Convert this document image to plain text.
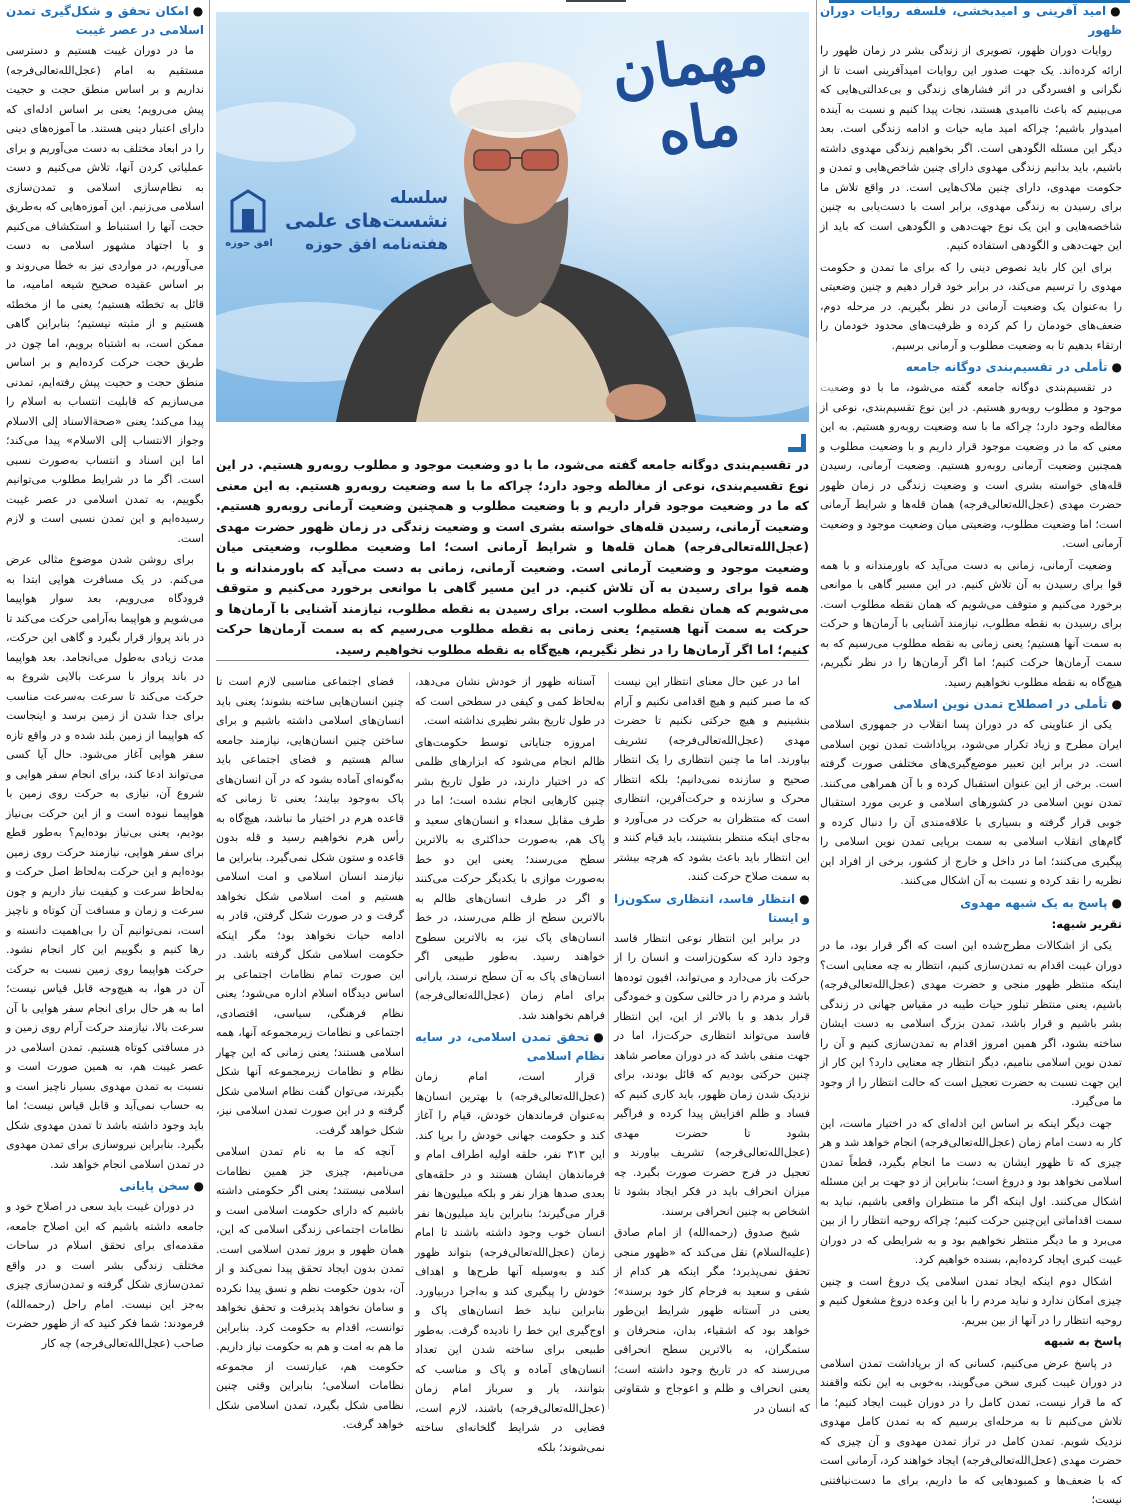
●امید آفرینی و امیدبخشی، فلسفه روایات دوران ظهور

روایات دوران ظهور، تصویری از زندگی بشر در زمان ظهور را ارائه کرده‌اند. یک جهت صدور این روایات امیدآفرینی است تا از نگرانی و افسردگی در اثر فشارهای زندگی و بی‌عدالتی‌هایی که می‌بینیم که باعث ناامیدی هستند، نجات پیدا کنیم و نسبت به آینده امیدوار باشیم؛ چراکه امید مایه حیات و ادامه زندگی است. بعد دیگر این مسئله الگودهی است. اگر بخواهیم زندگی مهدوی داشته باشیم، باید بدانیم زندگی مهدوی دارای چنین شاخص‌هایی و تمدن و حکومت مهدوی، دارای چنین ملاک‌هایی است. در واقع تلاش ما برای رسیدن به زندگی مهدوی، برابر است با دست‌یابی به چنین شاخصه‌هایی و این یک نوع جهت‌دهی و الگودهی است که باید از این جهت‌دهی و الگودهی استفاده کنیم.

برای این کار باید نصوص دینی را که برای ما تمدن و حکومت مهدوی را ترسیم می‌کند، در برابر خود قرار دهیم و چنین وضعیتی را به‌عنوان یک وضعیت آرمانی در نظر بگیریم. در مرحله دوم، ضعف‌های خودمان را کم کرده و ظرفیت‌های محدود خودمان را ارتقاء بدهیم تا به وضعیت مطلوب و آرمانی برسیم.

●تأملی در تقسیم‌بندی دوگانه جامعه

در تقسیم‌بندی دوگانه جامعه گفته می‌شود، ما با دو وضعیت موجود و مطلوب روبه‌رو هستیم. در این نوع تقسیم‌بندی، نوعی از مغالطه وجود دارد؛ چراکه ما با سه وضعیت روبه‌رو هستیم. به این معنی که ما در وضعیت موجود قرار داریم و با وضعیت مطلوب و همچنین وضعیت آرمانی روبه‌رو هستیم. وضعیت آرمانی، رسیدن قله‌های خواسته بشری است و وضعیت زندگی در زمان ظهور حضرت مهدی (عجل‌الله‌تعالی‌فرجه) همان قله‌ها و شرایط آرمانی است؛ اما وضعیت مطلوب، وضعیتی میان وضعیت موجود و وضعیت آرمانی است.

وضعیت آرمانی، زمانی به دست می‌آید که باورمندانه و با همه قوا برای رسیدن به آن تلاش کنیم. در این مسیر گاهی با موانعی برخورد می‌کنیم و متوقف می‌شویم که همان نقطه مطلوب است. برای رسیدن به نقطه مطلوب، نیازمند آشنایی با آرمان‌ها و حرکت به سمت آنها هستیم؛ یعنی زمانی به نقطه مطلوب می‌رسیم که به سمت آرمان‌ها حرکت کنیم؛ اما اگر آرمان‌ها را در نظر نگیریم، هیچ‌گاه به نقطه مطلوب نخواهیم رسید.

●تأملی در اصطلاح تمدن نوین اسلامی

یکی از عناوینی که در دوران پسا انقلاب در جمهوری اسلامی ایران مطرح و زیاد تکرار می‌شود، برپاداشت تمدن نوین اسلامی است. در برابر این تعبیر موضع‌گیری‌های مختلفی صورت گرفته است. برخی از این عنوان استقبال کرده و با آن همراهی می‌کنند. تمدن نوین اسلامی در کشورهای اسلامی و عربی مورد استقبال خوبی قرار گرفته و بسیاری با علاقه‌مندی آن را دنبال کرده و گام‌های انقلاب اسلامی به سمت برپایی تمدن نوین اسلامی را پیگیری می‌کنند؛ اما در داخل و خارج از کشور، برخی از افراد این نظریه را نقد کرده و نسبت به آن اشکال می‌کنند.

●پاسخ به یک شبهه مهدوی
تقریر شبهه:

یکی از اشکالات مطرح‌شده این است که اگر قرار بود، ما در دوران غیبت اقدام به تمدن‌سازی کنیم، انتظار به چه معنایی است؟ اینکه منتظر ظهور منجی و حضرت مهدی (عجل‌الله‌تعالی‌فرجه) باشیم، یعنی منتظر تبلور حیات طیبه در مقیاس جهانی در زندگی بشر باشیم و قرار باشد، تمدن بزرگ اسلامی به دست ایشان ساخته بشود، اگر همین امروز اقدام به تمدن‌سازی کنیم و آن را تمدن نوین اسلامی بنامیم، دیگر انتظار چه معنایی دارد؟ این کار از این جهت نسبت به حضرت تعجیل است که حالت انتظار را از وجود ما می‌گیرد.

جهت دیگر اینکه بر اساس این ادله‌ای که در اختیار ماست، این کار به دست امام زمان (عجل‌الله‌تعالی‌فرجه) انجام خواهد شد و هر چیزی که تا ظهور ایشان به دست ما انجام بگیرد، قطعاً تمدن اسلامی نخواهد بود و دروغ است؛ بنابراین از دو جهت بر این مسئله اشکال می‌کنند. اول اینکه اگر ما منتظران واقعی باشیم، نباید به سمت اقداماتی این‌چنین حرکت کنیم؛ چراکه روحیه انتظار را از بین می‌برد و ما دیگر منتظر نخواهیم بود و به شرایطی که در دوران غیبت کبری ایجاد کرده‌ایم، بسنده خواهیم کرد.

اشکال دوم اینکه ایجاد تمدن اسلامی یک دروغ است و چنین چیزی امکان ندارد و نباید مردم را با این وعده دروغ مشغول کنیم و روحیه انتظار را در آنها از بین ببریم.

پاسخ به شبهه

در پاسخ عرض می‌کنیم، کسانی که از برپاداشت تمدن اسلامی در دوران غیبت کبری سخن می‌گویند، به‌خوبی به این نکته واقفند که ما قرار نیست، تمدن کامل را در دوران غیبت ایجاد کنیم؛ ما تلاش می‌کنیم تا به مرحله‌ای برسیم که به تمدن کامل مهدوی نزدیک شویم. تمدن کامل در تراز تمدن مهدوی و آن چیزی که حضرت مهدی (عجل‌الله‌تعالی‌فرجه) ایجاد خواهند کرد، آرمانی است که با ضعف‌ها و کمبودهایی که ما داریم، برای ما دست‌نیافتنی نیست؛

مهمان ماه
افق حوزه
سلسله
نشست‌های علمی
هفته‌نامه افق حوزه

در تقسیم‌بندی دوگانه جامعه گفته می‌شود، ما با دو وضعیت موجود و مطلوب روبه‌رو هستیم. در این نوع تقسیم‌بندی، نوعی از مغالطه وجود دارد؛ چراکه ما با سه وضعیت روبه‌رو هستیم. به این معنی که ما در وضعیت موجود قرار داریم و با وضعیت مطلوب و همچنین وضعیت آرمانی روبه‌رو هستیم. وضعیت آرمانی، رسیدن قله‌های خواسته بشری است و وضعیت زندگی در زمان ظهور حضرت مهدی (عجل‌الله‌تعالی‌فرجه) همان قله‌ها و شرایط آرمانی است؛ اما وضعیت مطلوب، وضعیتی میان وضعیت موجود و وضعیت آرمانی است. وضعیت آرمانی، زمانی به دست می‌آید که باورمندانه و با همه قوا برای رسیدن به آن تلاش کنیم. در این مسیر گاهی با موانعی برخورد می‌کنیم و متوقف می‌شویم که همان نقطه مطلوب است. برای رسیدن به نقطه مطلوب، نیازمند آشنایی با آرمان‌ها و حرکت به سمت آنها هستیم؛ یعنی زمانی به نقطه مطلوب می‌رسیم که به سمت آرمان‌ها حرکت کنیم؛ اما اگر آرمان‌ها را در نظر نگیریم، هیچ‌گاه به نقطه مطلوب نخواهیم رسید.

اما در عین حال معنای انتظار این نیست که ما صبر کنیم و هیچ اقدامی نکنیم و آرام بنشینیم و هیچ حرکتی نکنیم تا حضرت مهدی (عجل‌الله‌تعالی‌فرجه) تشریف بیاورند. اما ما چنین انتظاری را یک انتظار صحیح و سازنده نمی‌دانیم؛ بلکه انتظار محرک و سازنده و حرکت‌آفرین، انتظاری است که منتظران به حرکت در می‌آورد و به‌جای اینکه منتظر بنشینند، باید قیام کنند و این انتظار باید باعث بشود که هرچه بیشتر به سمت صلاح حرکت کنند.

●انتظار فاسد، انتظاری سکون‌زا و ایستا

در برابر این انتظار نوعی انتظار فاسد وجود دارد که سکون‌زاست و انسان را از حرکت باز می‌دارد و می‌تواند، افیون توده‌ها باشد و مردم را در حالتی سکون و خمودگی قرار بدهد و با بالاتر از این، این انتظار فاسد می‌تواند انتظاری حرکت‌زا، اما در جهت منفی باشد که در دوران معاصر شاهد چنین حرکتی بودیم که قائل بودند، برای نزدیک شدن زمان ظهور، باید کاری کنیم که فساد و ظلم افزایش پیدا کرده و فراگیر بشود تا حضرت مهدی (عجل‌الله‌تعالی‌فرجه) تشریف بیاورند و تعجیل در فرج حضرت صورت بگیرد. چه میزان انحراف باید در فکر ایجاد بشود تا اشخاص به چنین انحرافی برسند.

شیخ صدوق (رحمه‌الله) از امام صادق (علیه‌السلام) نقل می‌کند که «ظهور منجی تحقق نمی‌پذیرد؛ مگر اینکه هر کدام از شقی و سعید به فرجام کار خود برسند»؛ یعنی در آستانه ظهور شرایط این‌طور خواهد بود که اشقیاء، بدان، منحرفان و ستمگران، به بالاترین سطح انحرافی می‌رسند که در تاریخ وجود داشته است؛ یعنی انحراف و ظلم و اعوجاج و شقاوتی که انسان در

آستانه ظهور از خودش نشان می‌دهد، به‌لحاظ کمی و کیفی در سطحی است که در طول تاریخ بشر نظیری نداشته است.

امروزه جنایاتی توسط حکومت‌های ظالم انجام می‌شود که ابزارهای ظلمی که در اختیار دارند، در طول تاریخ بشر چنین کارهایی انجام نشده است؛ اما در طرف مقابل سعداء و انسان‌های سعید و پاک هم، به‌صورت حداکثری به بالاترین سطح می‌رسند؛ یعنی این دو خط به‌صورت موازی با یکدیگر حرکت می‌کنند و اگر در طرف انسان‌های ظالم به بالاترین سطح از ظلم می‌رسند، در خط انسان‌های پاک نیز، به بالاترین سطوح خواهند رسید. به‌طور طبیعی اگر انسان‌های پاک به آن سطح نرسند، یارانی برای امام زمان (عجل‌الله‌تعالی‌فرجه) فراهم نخواهند شد.

●تحقق تمدن اسلامی، در سایه نظام اسلامی

قرار است، امام زمان (عجل‌الله‌تعالی‌فرجه) با بهترین انسان‌ها به‌عنوان فرماندهان خودش، قیام را آغاز کند و حکومت جهانی خودش را برپا کند. این ۳۱۳ نفر، حلقه اولیه اطراف امام و فرماندهان ایشان هستند و در حلقه‌های بعدی صدها هزار نفر و بلکه میلیون‌ها نفر قرار می‌گیرند؛ بنابراین باید میلیون‌ها نفر انسان خوب وجود داشته باشند تا امام زمان (عجل‌الله‌تعالی‌فرجه) بتواند ظهور کند و به‌وسیله آنها طرح‌ها و اهداف خودش را پیگیری کند و به‌اجرا دربیاورد. بنابراین نباید خط انسان‌های پاک و اوج‌گیری این خط را نادیده گرفت. به‌طور طبیعی برای ساخته شدن این تعداد انسان‌های آماده و پاک و مناسب که بتوانند، یار و سرباز امام زمان (عجل‌الله‌تعالی‌فرجه) باشند، لازم است، فضایی در شرایط گلخانه‌ای ساخته نمی‌شوند؛ بلکه

فضای اجتماعی مناسبی لازم است تا چنین انسان‌هایی ساخته بشوند؛ یعنی باید انسان‌های اسلامی داشته باشیم و برای ساختن چنین انسان‌هایی، نیازمند جامعه سالم هستیم و فضای اجتماعی باید به‌گونه‌ای آماده بشود که در آن انسان‌های پاک به‌وجود بیایند؛ یعنی تا زمانی که قاعده هرم در اختیار ما نباشد، هیچ‌گاه به رأس هرم نخواهیم رسید و قله بدون قاعده و ستون شکل نمی‌گیرد. بنابراین ما نیازمند انسان اسلامی و امت اسلامی هستیم و امت اسلامی شکل نخواهد گرفت و در صورت شکل گرفتن، قادر به ادامه حیات نخواهد بود؛ مگر اینکه حکومت اسلامی شکل گرفته باشد. در این صورت تمام نظامات اجتماعی بر اساس دیدگاه اسلام اداره می‌شود؛ یعنی نظام فرهنگی، سیاسی، اقتصادی، اجتماعی و نظامات زیرمجموعه آنها، همه اسلامی هستند؛ یعنی زمانی که این چهار نظام و نظامات زیرمجموعه آنها شکل بگیرند، می‌توان گفت نظام اسلامی شکل گرفته و در این صورت تمدن اسلامی نیز، شکل خواهد گرفت.

آنچه که ما به نام تمدن اسلامی می‌نامیم، چیزی جز همین نظامات اسلامی نیستند؛ یعنی اگر حکومتی داشته باشیم که دارای حکومت اسلامی است و نظامات اجتماعی زندگی اسلامی که این، همان ظهور و بروز تمدن اسلامی است. تمدن بدون ایجاد تحقق پیدا نمی‌کند و از آن، بدون حکومت نظم و نسق پیدا نکرده و سامان نخواهد پذیرفت و تحقق نخواهد توانست، اقدام به حکومت کرد. بنابراین ما هم به امت و هم به حکومت نیاز داریم. حکومت هم، عبارتست از مجموعه نظامات اسلامی؛ بنابراین وقتی چنین نظامی شکل بگیرد، تمدن اسلامی شکل خواهد گرفت.

●امکان تحقق و شکل‌گیری تمدن اسلامی در عصر غیبت

ما در دوران غیبت هستیم و دسترسی مستقیم به امام (عجل‌الله‌تعالی‌فرجه) نداریم و بر اساس منطق حجت و حجیت پیش می‌رویم؛ یعنی بر اساس ادله‌ای که دارای اعتبار دینی هستند. ما آموزه‌های دینی را در ابعاد مختلف به دست می‌آوریم و برای عملیاتی کردن آنها، تلاش می‌کنیم و دست به نظام‌سازی اسلامی و تمدن‌سازی اسلامی می‌زنیم. این آموزه‌هایی که به‌طریق حجت آنها را استنباط و استکشاف می‌کنیم و با اجتهاد مشهور اسلامی به دست می‌آوریم، در مواردی نیز به خطا می‌روند و بر اساس عقیده صحیح شیعه امامیه، ما قائل به تخطئه هستیم؛ یعنی ما از مخطئه هستیم و از مثبته نیستیم؛ بنابراین گاهی ممکن است، به اشتباه برویم، اما چون در طریق حجت حرکت کرده‌ایم و بر اساس منطق حجت و حجیت پیش رفته‌ایم، تمدنی می‌سازیم که قابلیت انتساب به اسلام را پیدا می‌کند؛ یعنی «صحة‌الاسناد إلی الاسلام وجواز الانتساب إلی الاسلام» پیدا می‌کند؛ اما این اسناد و انتساب به‌صورت نسبی است. اگر ما در شرایط مطلوب می‌توانیم بگوییم، به تمدن اسلامی در عصر غیبت رسیده‌ایم و این تمدن نسبی است و لازم است.

برای روشن شدن موضوع مثالی عرض می‌کنم. در یک مسافرت هوایی ابتدا به فرودگاه می‌رویم، بعد سوار هواپیما می‌شویم و هواپیما به‌آرامی حرکت می‌کند تا در باند پرواز قرار بگیرد و گاهی این حرکت، مدت زیادی به‌طول می‌انجامد. بعد هواپیما در باند پرواز با سرعت بالایی شروع به حرکت می‌کند تا سرعت به‌سرعت مناسب برای جدا شدن از زمین برسد و اینجاست که هواپیما از زمین بلند شده و در واقع تازه سفر هوایی آغاز می‌شود. حال آیا کسی می‌تواند ادعا کند، برای انجام سفر هوایی و شروع آن، نیازی به حرکت روی زمین با هواپیما نبوده است و از این حرکت بی‌نیاز بودیم، یعنی بی‌نیاز بوده‌ایم؟ به‌طور قطع برای سفر هوایی، نیازمند حرکت روی زمین بوده‌ایم و این حرکت به‌لحاظ اصل حرکت و به‌لحاظ سرعت و کیفیت نیاز داریم و چون سرعت و زمان و مسافت آن کوتاه و ناچیز است، نمی‌توانیم آن را بی‌اهمیت دانسته و رها کنیم و بگوییم این کار انجام نشود. حرکت هواپیما روی زمین نسبت به حرکت آن در هوا، به هیچ‌وجه قابل قیاس نیست؛ اما به هر حال برای انجام سفر هوایی با آن سرعت بالا، نیازمند حرکت آرام روی زمین و در مسافتی کوتاه هستیم. تمدن اسلامی در عصر غیبت هم، به همین صورت است و نسبت به تمدن مهدوی بسیار ناچیز است و به حساب نمی‌آید و قابل قیاس نیست؛ اما باید وجود داشته باشد تا تمدن مهدوی شکل بگیرد. بنابراین نیروسازی برای تمدن مهدوی در تمدن اسلامی انجام خواهد شد.

●سخن پایانی

در دوران غیبت باید سعی در اصلاح خود و جامعه داشته باشیم که این اصلاح جامعه، مقدمه‌ای برای تحقق اسلام در ساحات مختلف زندگی بشر است و در واقع تمدن‌سازی شکل گرفته و تمدن‌سازی چیزی به‌جز این نیست. امام راحل (رحمه‌الله) فرمودند: شما فکر کنید که از ظهور حضرت صاحب (عجل‌الله‌تعالی‌فرجه) چه کار
